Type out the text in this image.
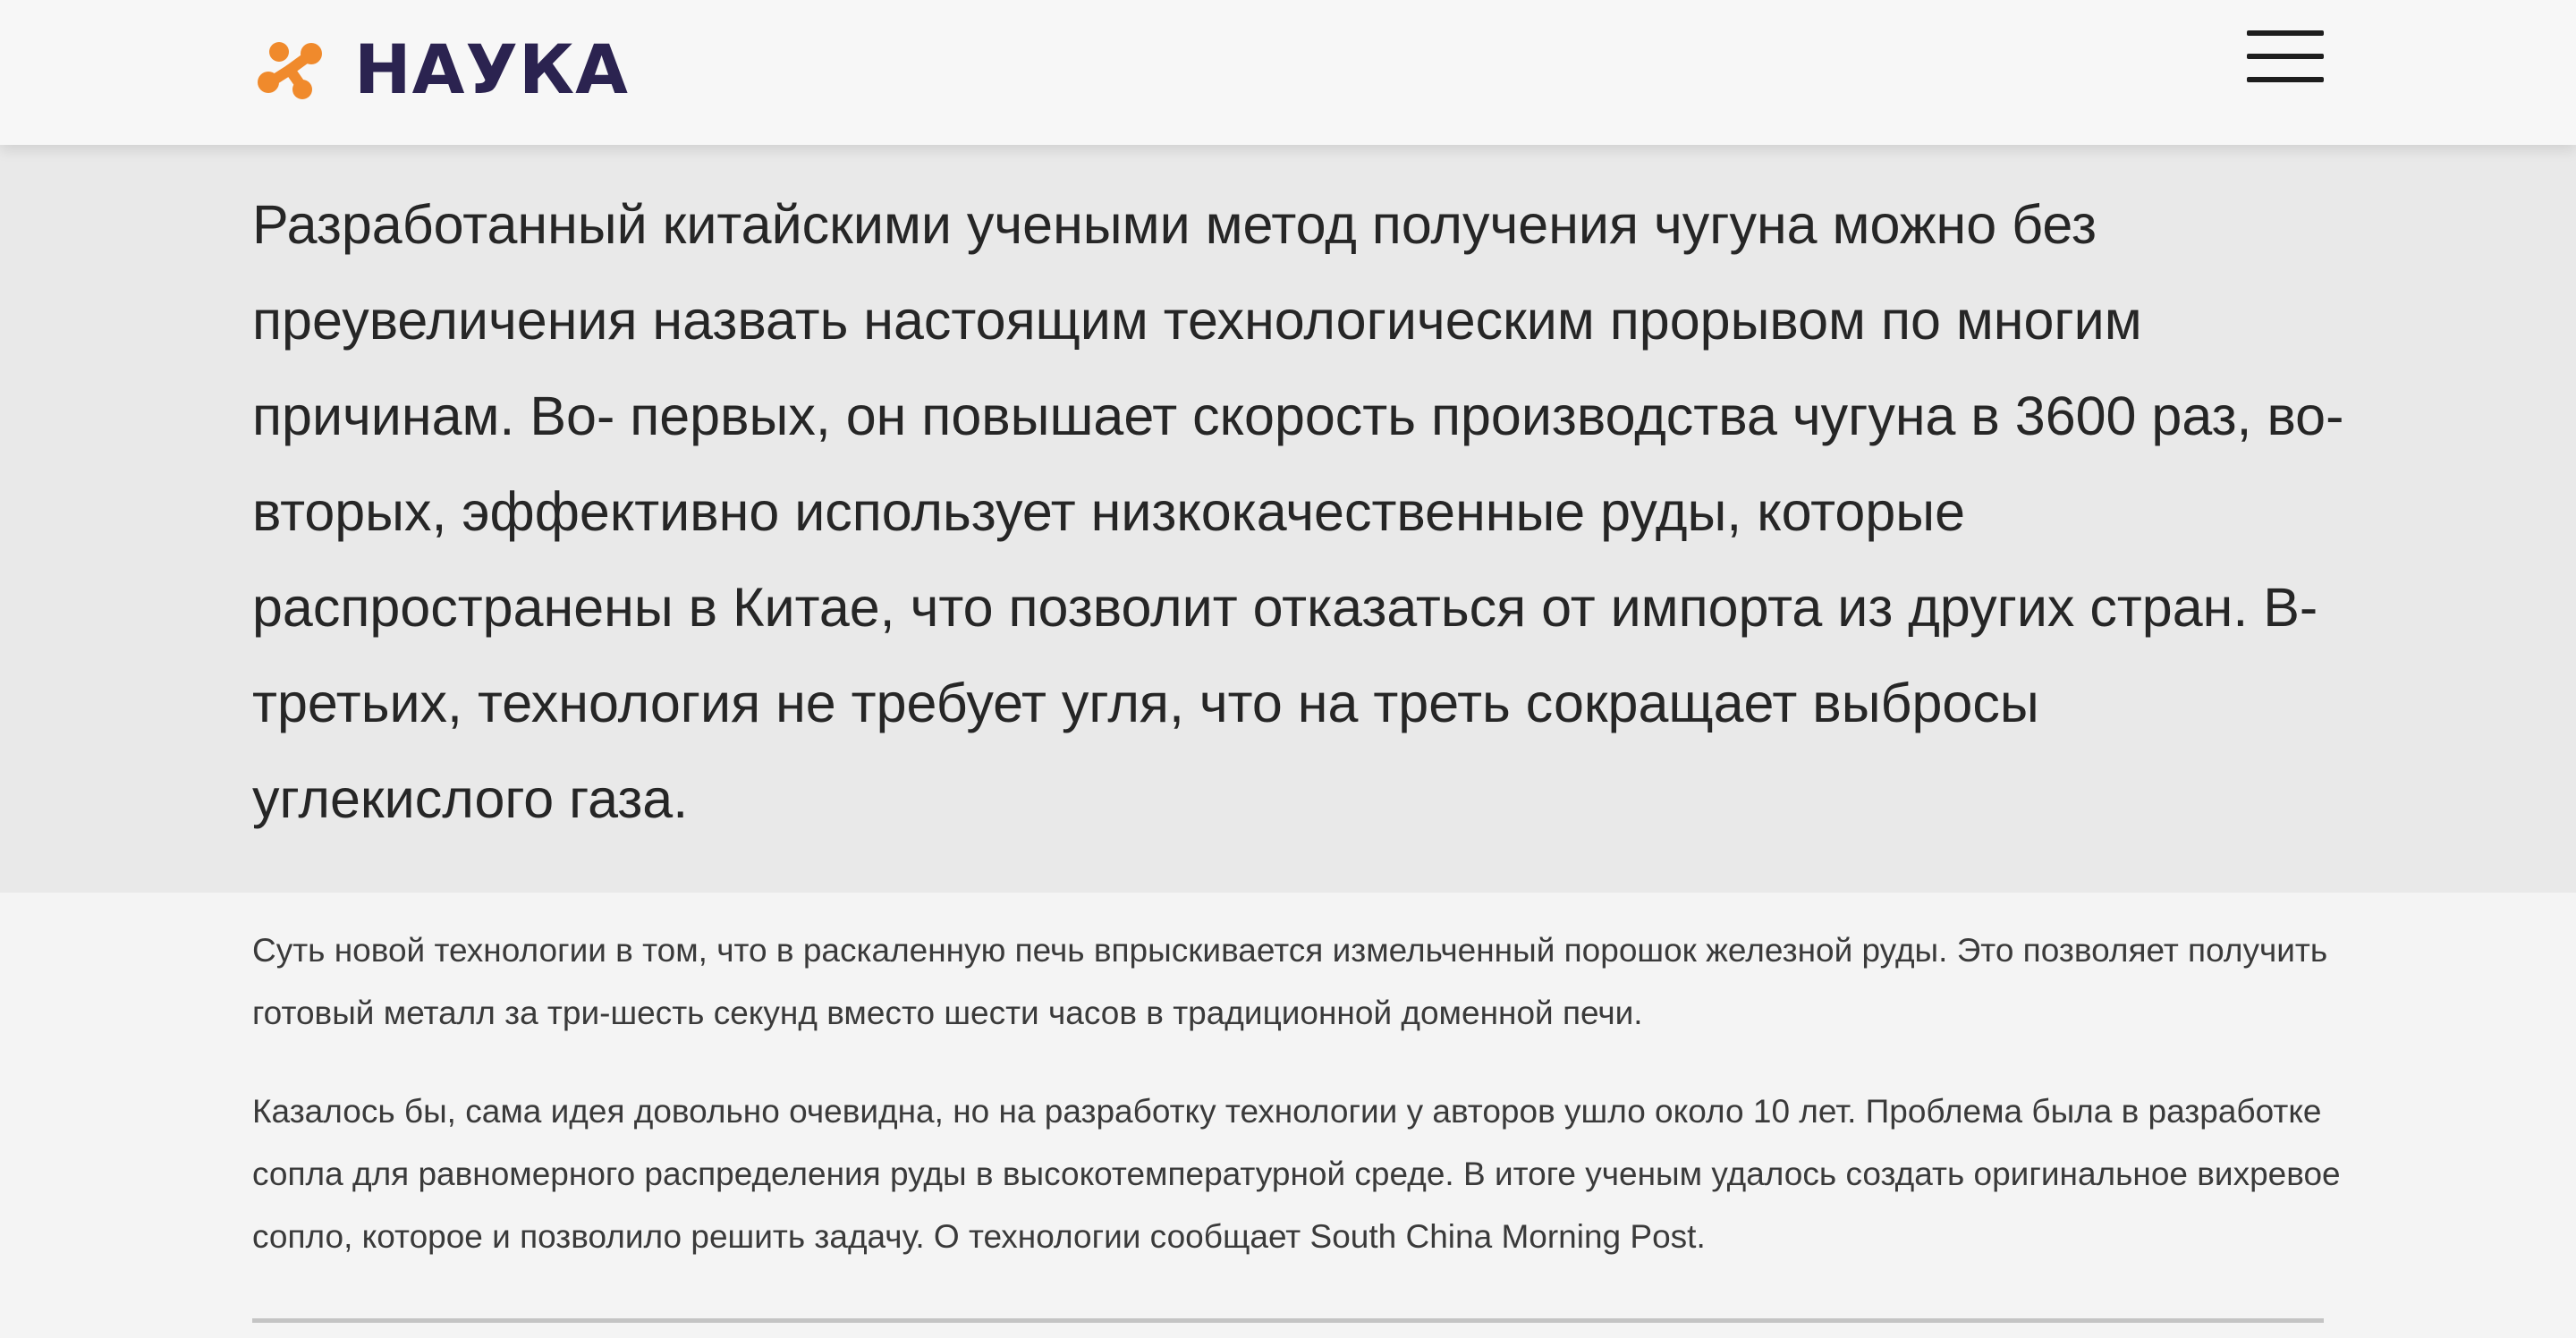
НАУКА

Разработанный китайскими учеными метод получения чугуна можно без преувеличения назвать настоящим технологическим прорывом по многим причинам. Во- первых, он повышает скорость производства чугуна в 3600 раз, во- вторых, эффективно использует низкокачественные руды, которые распространены в Китае, что позволит отказаться от импорта из других стран. В-третьих, технология не требует угля, что на треть сокращает выбросы углекислого газа.

Суть новой технологии в том, что в раскаленную печь впрыскивается измельченный порошок железной руды. Это позволяет получить готовый металл за три-шесть секунд вместо шести часов в традиционной доменной печи.

Казалось бы, сама идея довольно очевидна, но на разработку технологии у авторов ушло около 10 лет. Проблема была в разработке сопла для равномерного распределения руды в высокотемпературной среде. В итоге ученым удалось создать оригинальное вихревое сопло, которое и позволило решить задачу. О технологии сообщает South China Morning Post.
